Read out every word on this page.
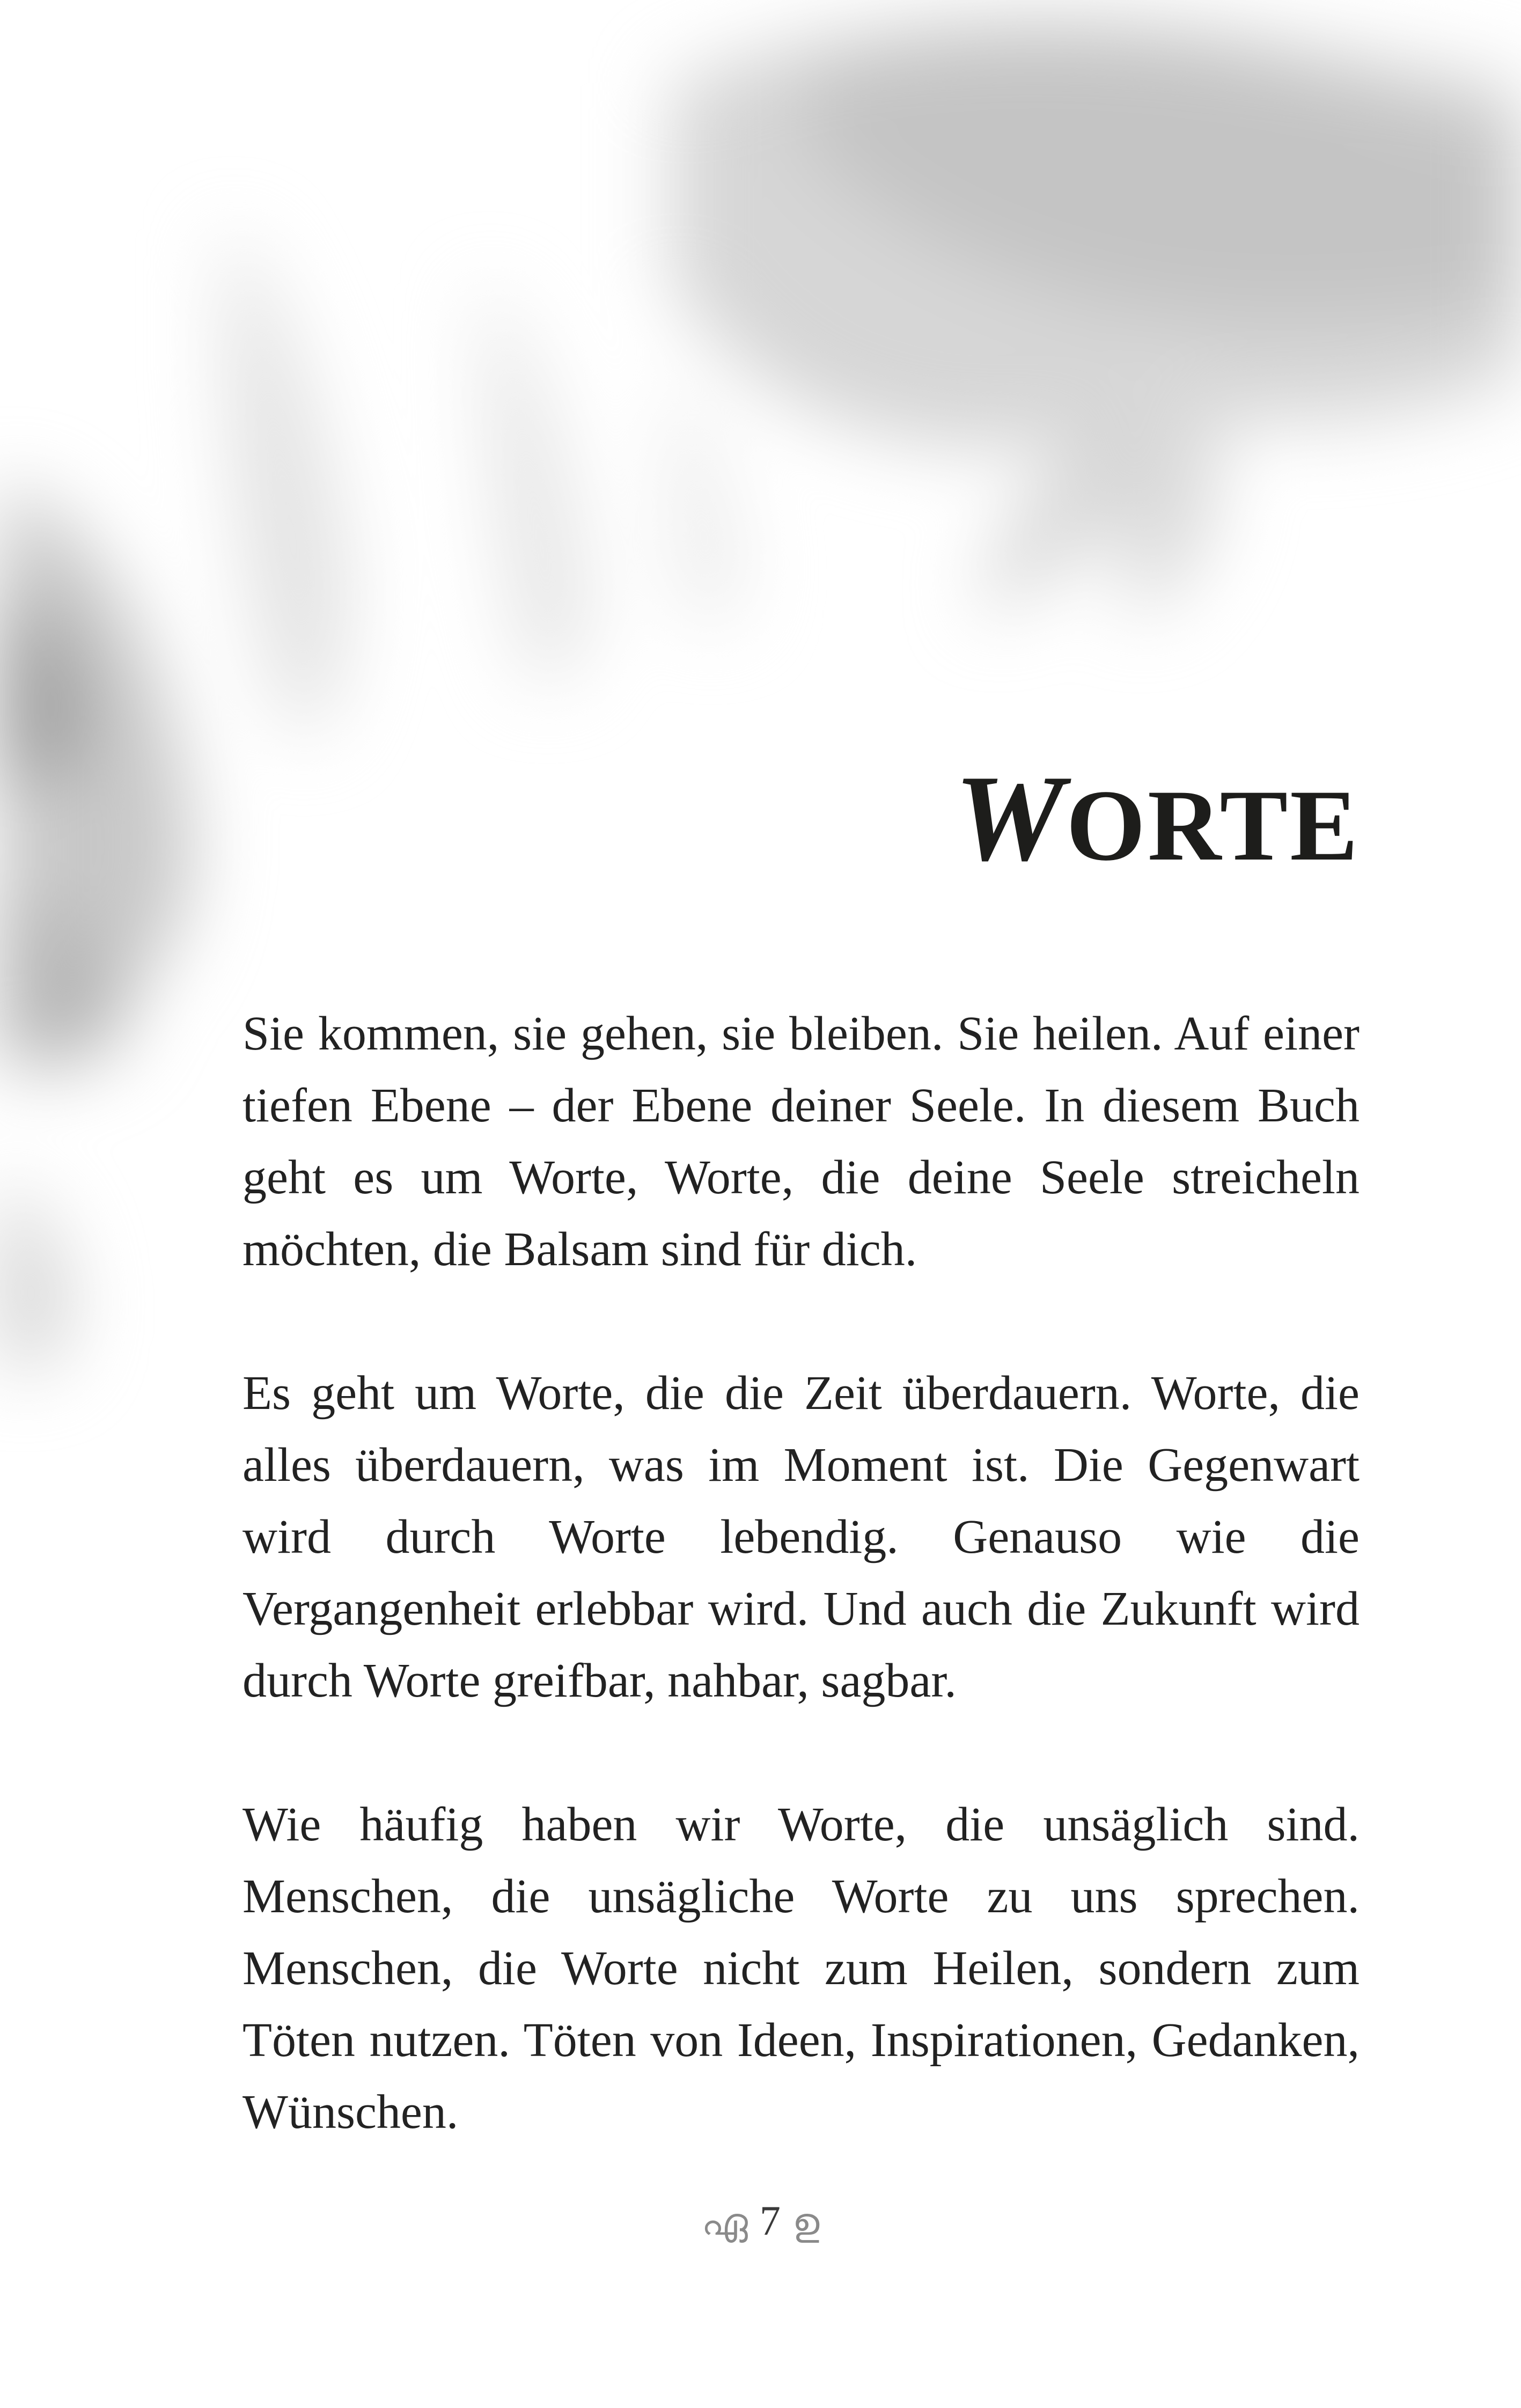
WORTE

Sie kommen, sie gehen, sie bleiben. Sie heilen. Auf einer tiefen Ebene – der Ebene deiner Seele. In diesem Buch geht es um Worte, Worte, die deine Seele streicheln möchten, die Balsam sind für dich.

Es geht um Worte, die die Zeit überdauern. Worte, die alles überdauern, was im Moment ist. Die Gegenwart wird durch Worte lebendig. Genauso wie die Vergangenheit erlebbar wird. Und auch die Zukunft wird durch Worte greifbar, nahbar, sagbar.

Wie häufig haben wir Worte, die unsäglich sind. Menschen, die unsägliche Worte zu uns sprechen. Menschen, die Worte nicht zum Heilen, sondern zum Töten nutzen. Töten von Ideen, Inspirationen, Gedanken, Wünschen.

ഏ 7 ഉ
